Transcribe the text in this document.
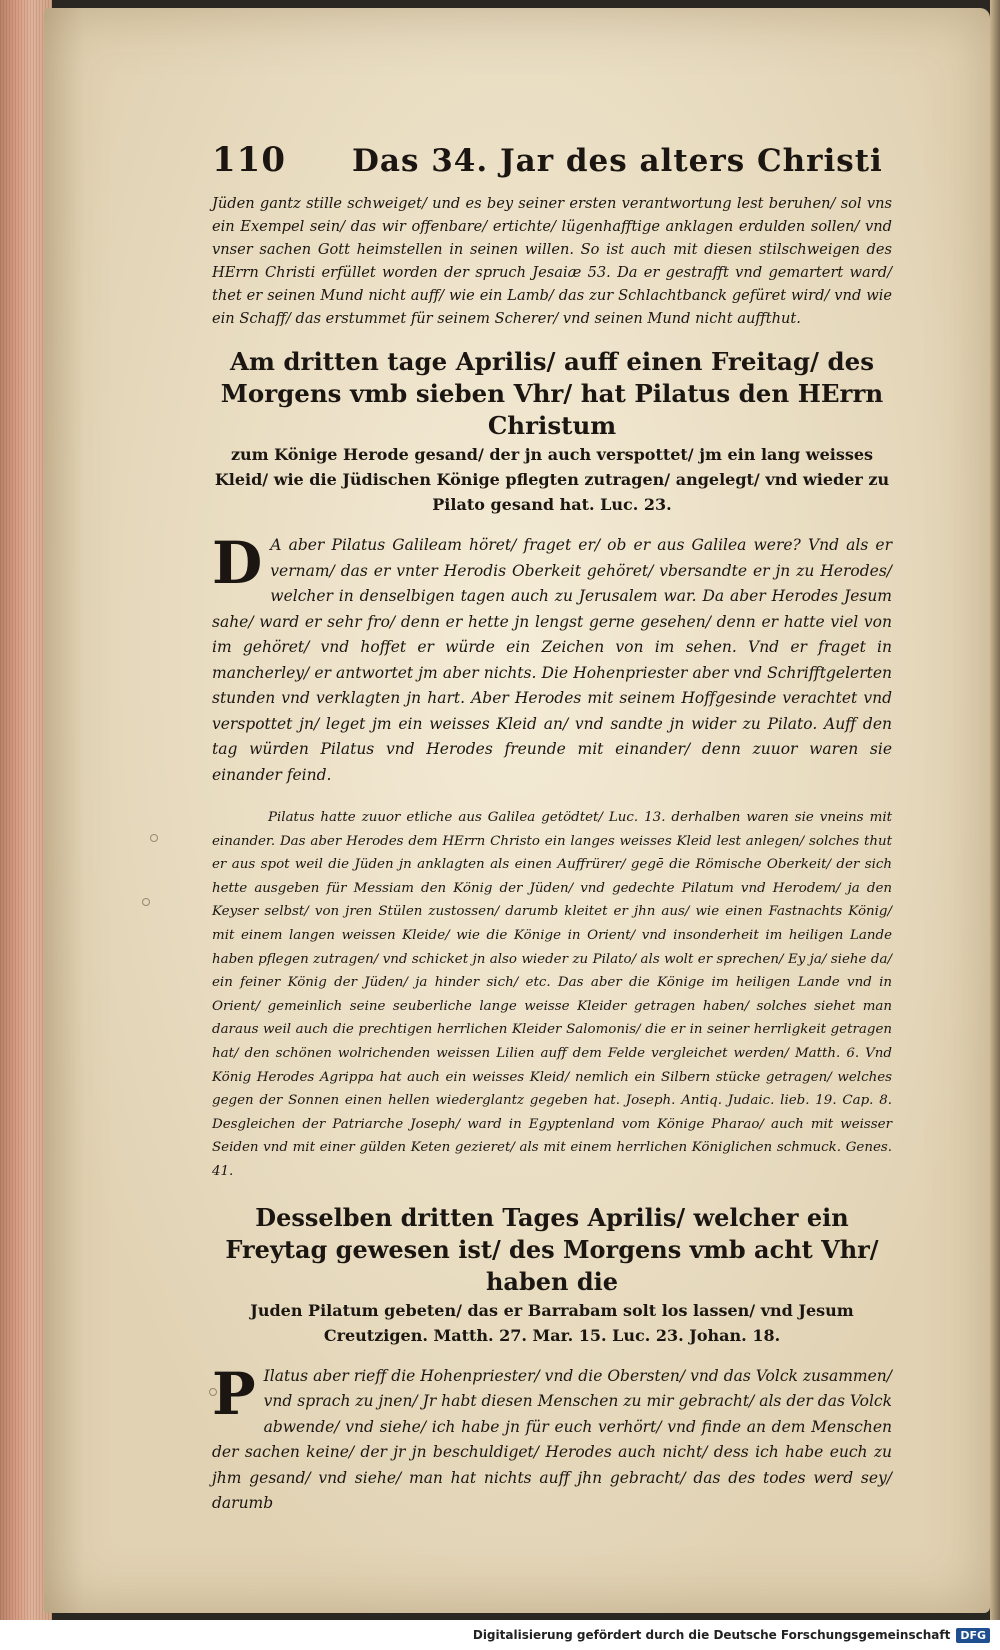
110	Das 34. Jar des alters Christi

Jüden gantz stille schweiget/ und es bey seiner ersten verantwortung lest beruhen/ sol vns ein Exempel sein/ das wir offenbare/ ertichte/ lügenhafftige anklagen erdulden sollen/ vnd vnser sachen Gott heimstellen in seinen willen. So ist auch mit diesen stilschweigen des HErrn Christi erfüllet worden der spruch Jesaiæ 53. Da er gestrafft vnd gemartert ward/ thet er seinen Mund nicht auff/ wie ein Lamb/ das zur Schlachtbanck gefüret wird/ vnd wie ein Schaff/ das erstummet für seinem Scherer/ vnd seinen Mund nicht auffthut.

Am dritten tage Aprilis/ auff einen Freitag/ des Morgens vmb sieben Vhr/ hat Pilatus den HErrn Christum
zum Könige Herode gesand/ der jn auch verspottet/ jm ein lang weisses Kleid/ wie die Jüdischen Könige pflegten zutragen/ angelegt/ vnd wieder zu Pilato gesand hat. Luc. 23.

D A aber Pilatus Galileam höret/ fraget er/ ob er aus Galilea were? Vnd als er vernam/ das er vnter Herodis Oberkeit gehöret/ vbersandte er jn zu Herodes/ welcher in denselbigen tagen auch zu Jerusalem war. Da aber Herodes Jesum sahe/ ward er sehr fro/ denn er hette jn lengst gerne gesehen/ denn er hatte viel von im gehöret/ vnd hoffet er würde ein Zeichen von im sehen. Vnd er fraget in mancherley/ er antwortet jm aber nichts. Die Hohenpriester aber vnd Schrifftgelerten stunden vnd verklagten jn hart. Aber Herodes mit seinem Hoffgesinde verachtet vnd verspottet jn/ leget jm ein weisses Kleid an/ vnd sandte jn wider zu Pilato. Auff den tag würden Pilatus vnd Herodes freunde mit einander/ denn zuuor waren sie einander feind.

Pilatus hatte zuuor etliche aus Galilea getödtet/ Luc. 13. derhalben waren sie vneins mit einander. Das aber Herodes dem HErrn Christo ein langes weisses Kleid lest anlegen/ solches thut er aus spot weil die Jüden jn anklagten als einen Auffrürer/ gegē die Römische Oberkeit/ der sich hette ausgeben für Messiam den König der Jüden/ vnd gedechte Pilatum vnd Herodem/ ja den Keyser selbst/ von jren Stülen zustossen/ darumb kleitet er jhn aus/ wie einen Fastnachts König/ mit einem langen weissen Kleide/ wie die Könige in Orient/ vnd insonderheit im heiligen Lande haben pflegen zutragen/ vnd schicket jn also wieder zu Pilato/ als wolt er sprechen/ Ey ja/ siehe da/ ein feiner König der Jüden/ ja hinder sich/ etc. Das aber die Könige im heiligen Lande vnd in Orient/ gemeinlich seine seuberliche lange weisse Kleider getragen haben/ solches siehet man daraus weil auch die prechtigen herrlichen Kleider Salomonis/ die er in seiner herrligkeit getragen hat/ den schönen wolrichenden weissen Lilien auff dem Felde vergleichet werden/ Matth. 6. Vnd König Herodes Agrippa hat auch ein weisses Kleid/ nemlich ein Silbern stücke getragen/ welches gegen der Sonnen einen hellen wiederglantz gegeben hat. Joseph. Antiq. Judaic. lieb. 19. Cap. 8. Desgleichen der Patriarche Joseph/ ward in Egyptenland vom Könige Pharao/ auch mit weisser Seiden vnd mit einer gülden Keten gezieret/ als mit einem herrlichen Königlichen schmuck. Genes. 41.

Desselben dritten Tages Aprilis/ welcher ein Freytag gewesen ist/ des Morgens vmb acht Vhr/ haben die
Juden Pilatum gebeten/ das er Barrabam solt los lassen/ vnd Jesum Creutzigen. Matth. 27. Mar. 15. Luc. 23. Johan. 18.

P Ilatus aber rieff die Hohenpriester/ vnd die Obersten/ vnd das Volck zusammen/ vnd sprach zu jnen/ Jr habt diesen Menschen zu mir gebracht/ als der das Volck abwende/ vnd siehe/ ich habe jn für euch verhört/ vnd finde an dem Menschen der sachen keine/ der jr jn beschuldiget/ Herodes auch nicht/ dess ich habe euch zu jhm gesand/ vnd siehe/ man hat nichts auff jhn gebracht/ das des todes werd sey/ darumb

Digitalisierung gefördert durch die Deutsche Forschungsgemeinschaft DFG
